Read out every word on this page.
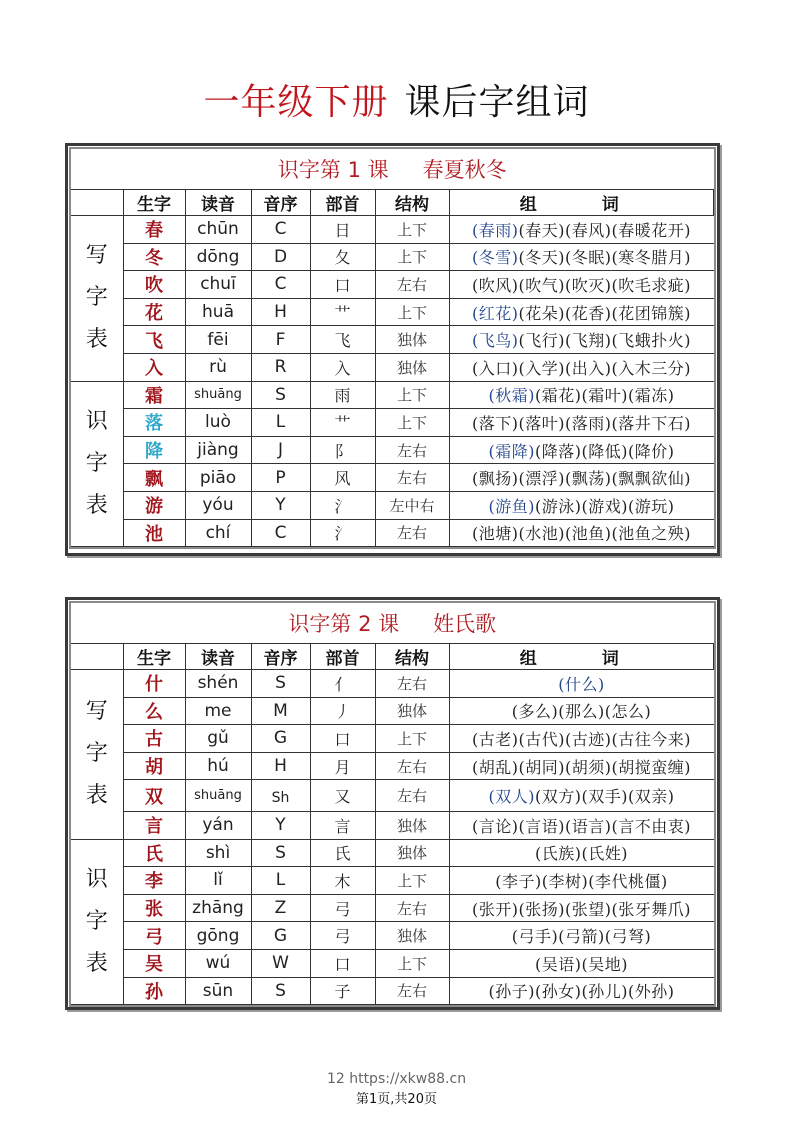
一年级下册 课后字组词
识字第 1 课 春夏秋冬						
	生字	读音	音序	部首	结构	组　词

写
字
表	春	chūn	C	日	上下	(春雨)(春天)(春风)(春暖花开)
	冬	dōng	D	夂	上下	(冬雪)(冬天)(冬眠)(寒冬腊月)
	吹	chuī	C	口	左右	(吹风)(吹气)(吹灭)(吹毛求疵)
	花	huā	H	艹	上下	(红花)(花朵)(花香)(花团锦簇)
	飞	fēi	F	飞	独体	(飞鸟)(飞行)(飞翔)(飞蛾扑火)
	入	rù	R	入	独体	(入口)(入学)(出入)(入木三分)

识
字
表	霜	shuāng	S	雨	上下	(秋霜)(霜花)(霜叶)(霜冻)
	落	luò	L	艹	上下	(落下)(落叶)(落雨)(落井下石)
	降	jiàng	J	阝	左右	(霜降)(降落)(降低)(降价)
	飘	piāo	P	风	左右	(飘扬)(漂浮)(飘荡)(飘飘欲仙)
	游	yóu	Y	氵	左中右	(游鱼)(游泳)(游戏)(游玩)
	池	chí	C	氵	左右	(池塘)(水池)(池鱼)(池鱼之殃)
识字第 2 课 姓氏歌						
	生字	读音	音序	部首	结构	组　词

写
字
表	什	shén	S	亻	左右	(什么)
	么	me	M	丿	独体	(多么)(那么)(怎么)
	古	gǔ	G	口	上下	(古老)(古代)(古迹)(古往今来)
	胡	hú	H	月	左右	(胡乱)(胡同)(胡须)(胡搅蛮缠)
	双	shuāng	Sh	又	左右	(双人)(双方)(双手)(双亲)
	言	yán	Y	言	独体	(言论)(言语)(语言)(言不由衷)

识
字
表	氏	shì	S	氏	独体	(氏族)(氏姓)
	李	lǐ	L	木	上下	(李子)(李树)(李代桃僵)
	张	zhāng	Z	弓	左右	(张开)(张扬)(张望)(张牙舞爪)
	弓	gōng	G	弓	独体	(弓手)(弓箭)(弓弩)
	吴	wú	W	口	上下	(吴语)(吴地)
	孙	sūn	S	子	左右	(孙子)(孙女)(孙儿)(外孙)
12 https://xkw88.cn
第1页,共20页
